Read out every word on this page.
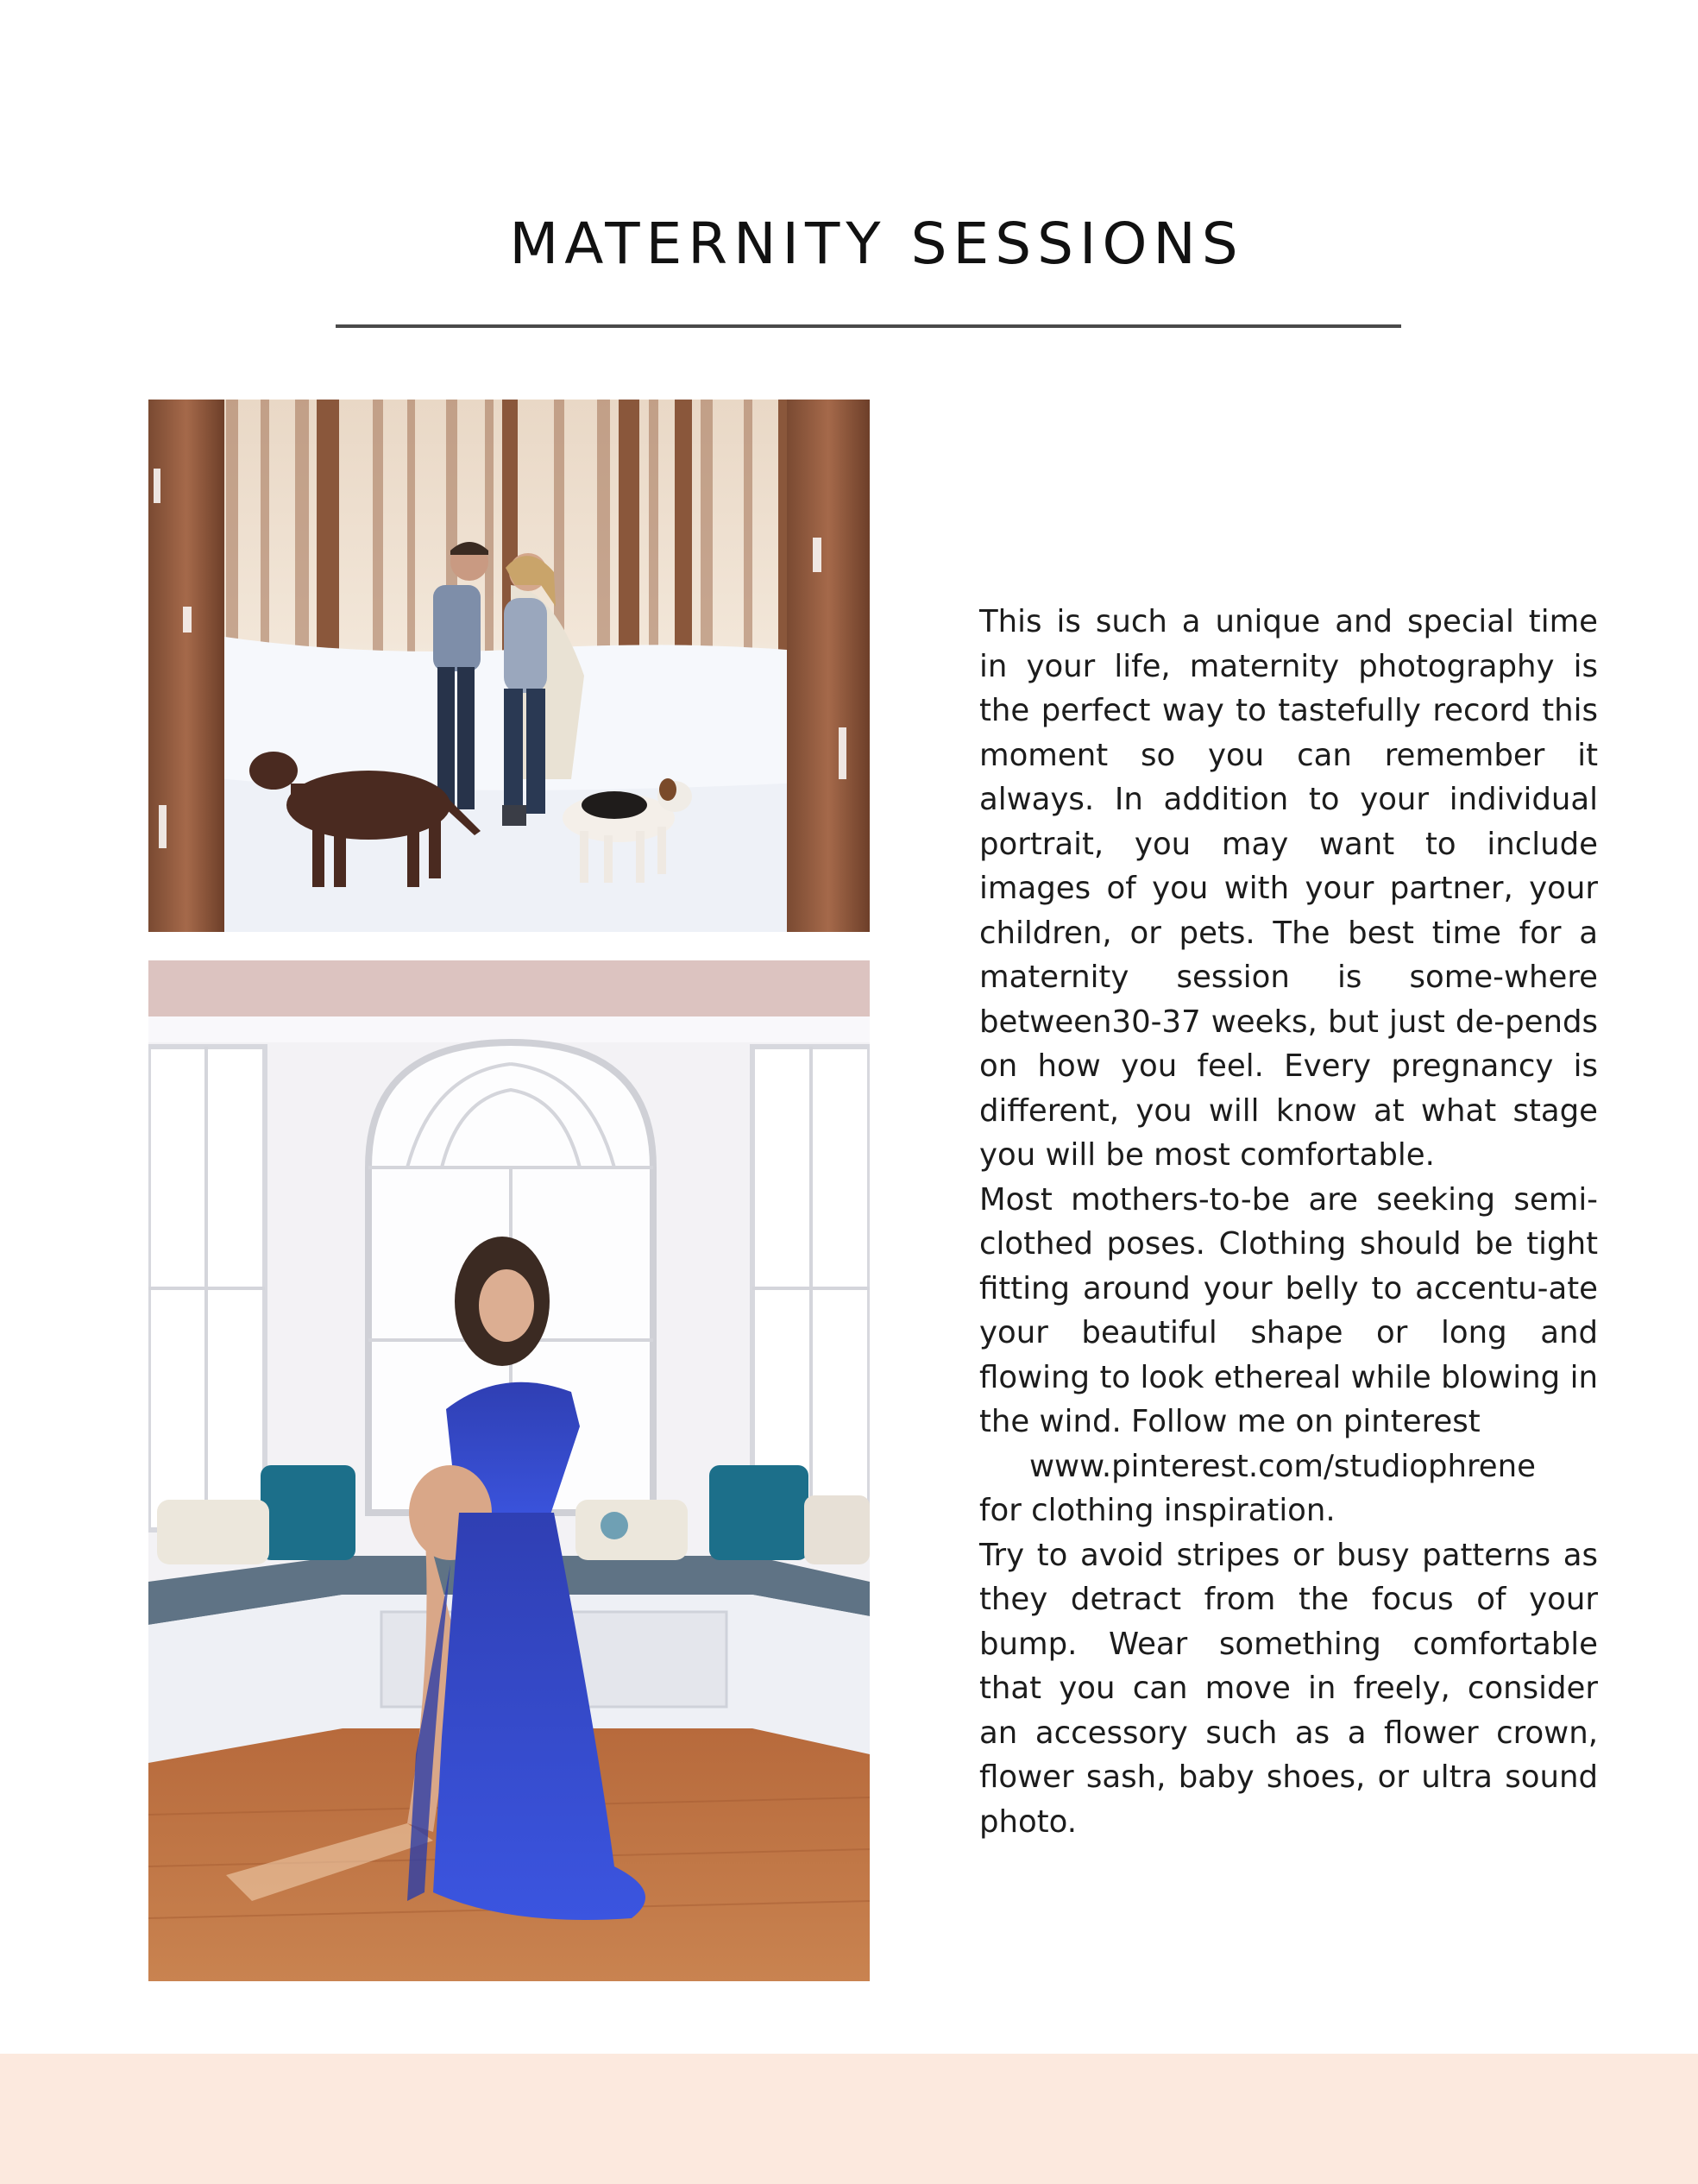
MATERNITY SESSIONS

This is such a unique and special time in your life, maternity photography is the perfect way to tastefully record this moment so you can remember it always. In addition to your individual portrait, you may want to include images of you with your partner, your children, or pets. The best time for a maternity session is some-where between30-37 weeks, but just de-pends on how you feel. Every pregnancy is different, you will know at what stage you will be most comfortable.

Most mothers-to-be are seeking semi-clothed poses. Clothing should be tight fitting around your belly to accentu-ate your beautiful shape or long and flowing to look ethereal while blowing in the wind. Follow me on pinterest

www.pinterest.com/studiophrene

for clothing inspiration.

Try to avoid stripes or busy patterns as they detract from the focus of your bump. Wear something comfortable that you can move in freely, consider an accessory such as a flower crown, flower sash, baby shoes, or ultra sound photo.
